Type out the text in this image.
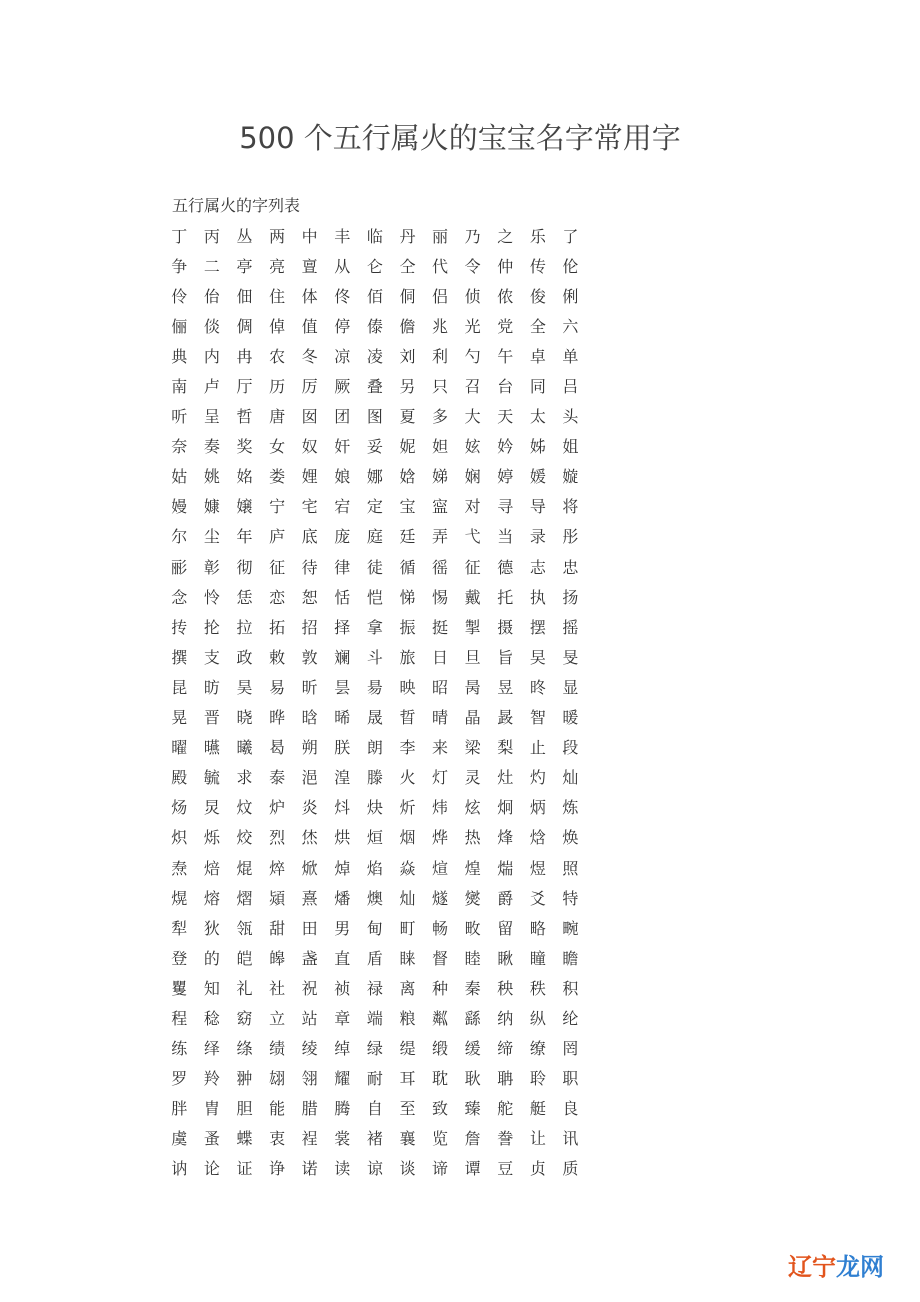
500 个五行属火的宝宝名字常用字
五行属火的字列表
丁	丙	丛	两	中	丰	临	丹	丽	乃	之	乐	了
争	二	亭	亮	亶	从	仑	仝	代	令	仲	传	伦
伶	佁	佃	住	体	佟	佰	侗	侣	侦	侬	俊	俐
俪	倓	倜	倬	值	停	傣	儋	兆	光	党	全	六
典	内	冉	农	冬	凉	凌	刘	利	勺	午	卓	单
南	卢	厅	历	厉	厥	叠	另	只	召	台	同	吕
听	呈	哲	唐	囡	团	图	夏	多	大	天	太	头
奈	奏	奖	女	奴	奸	妥	妮	妲	妶	妗	姊	姐
姑	姚	姳	娄	娌	娘	娜	娢	娣	娴	婷	媛	嫙
嫚	嫝	嬢	宁	宅	宕	定	宝	寍	对	寻	导	将
尔	尘	年	庐	底	庞	庭	廷	弄	弋	当	录	彤
彨	彰	彻	征	待	律	徒	循	徭	征	德	志	忠
念	怜	恁	恋	恕	恬	恺	悌	惕	戴	托	执	扬
抟	抡	拉	拓	招	择	拿	振	挺	掣	摄	摆	摇
撰	支	政	敕	敦	斓	斗	旅	日	旦	旨	旲	旻
昆	昉	昊	易	昕	昙	昜	映	昭	昺	昱	昸	显
晃	晋	晓	晔	晗	晞	晟	晢	晴	晶	晸	智	暖
曜	曣	曦	曷	朔	朕	朗	李	来	梁	梨	止	段
殿	毓	求	泰	浥	湟	滕	火	灯	灵	灶	灼	灿
炀	炅	炆	炉	炎	炓	炔	炘	炜	炫	炯	炳	炼
炽	烁	烄	烈	烋	烘	烜	烟	烨	热	烽	焓	焕
焘	焙	焜	焠	焮	焯	焰	焱	煊	煌	煓	煜	照
熀	熔	熠	熲	熹	燔	燠	灿	燧	爕	爵	爻	特
犁	狄	瓴	甜	田	男	甸	町	畅	畋	留	略	畹
登	的	皑	皞	盏	直	盾	睐	督	睦	瞅	瞳	瞻
矍	知	礼	社	祝	祯	禄	离	种	秦	秧	秩	积
程	稔	窈	立	站	章	端	粮	粼	繇	纳	纵	纶
练	绎	绦	绩	绫	绰	绿	缇	缎	缓	缔	缭	罔
罗	羚	翀	翃	翎	耀	耐	耳	耽	耿	聃	聆	职
胖	胄	胆	能	腊	腾	自	至	致	臻	舵	艇	良
虞	蚤	蝶	衷	裎	裳	褚	襄	览	詹	誊	让	讯
讷	论	证	诤	诺	读	谅	谈	谛	谭	豆	贞	质
辽宁 龙网
